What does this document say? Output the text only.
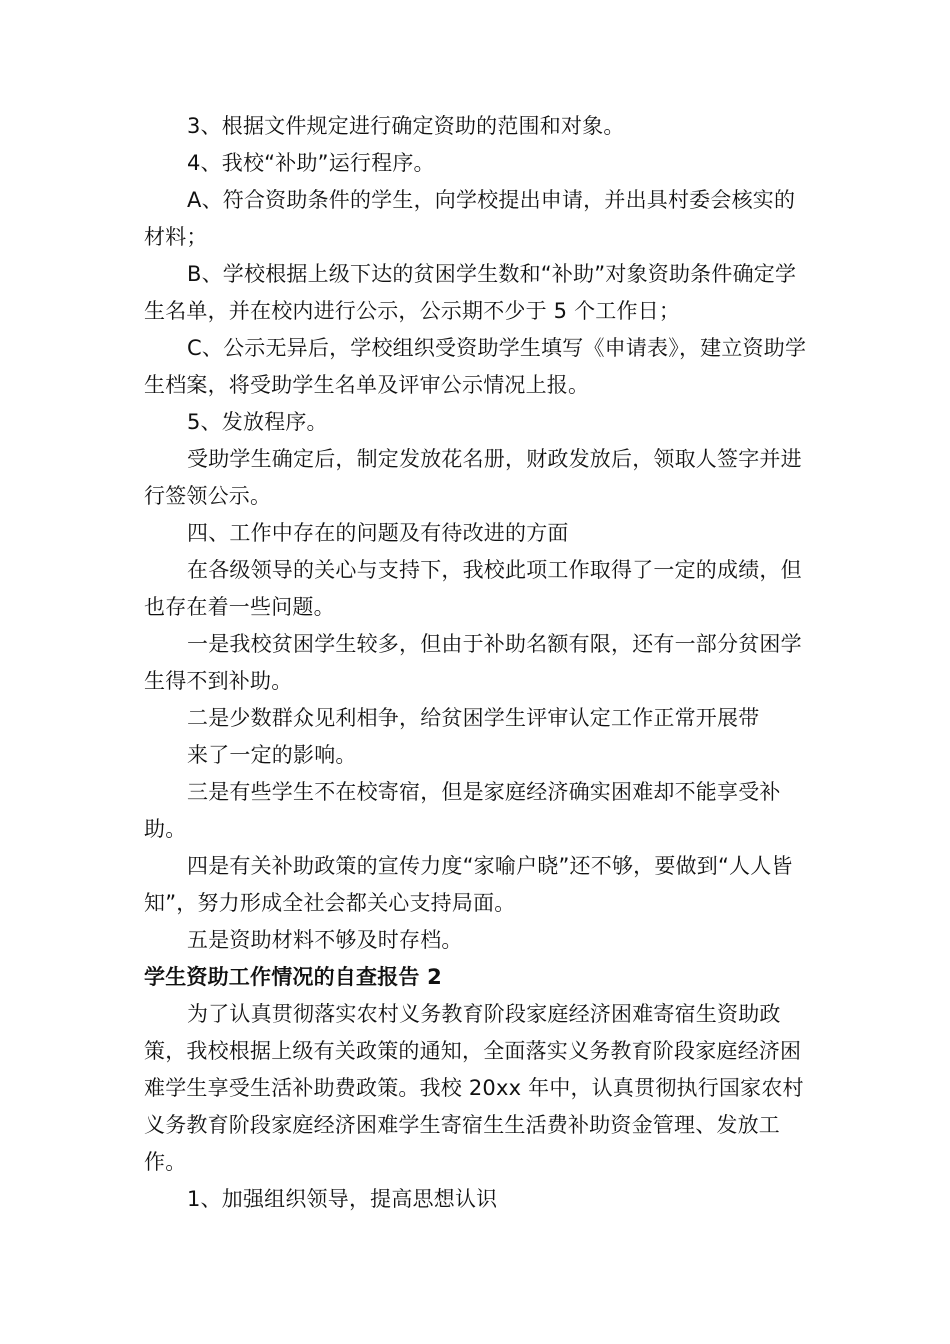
3、根据文件规定进行确定资助的范围和对象。

4、我校“补助”运行程序。

A、符合资助条件的学生，向学校提出申请，并出具村委会核实的材料；

B、学校根据上级下达的贫困学生数和“补助”对象资助条件确定学生名单，并在校内进行公示，公示期不少于 5 个工作日；

C、公示无异后，学校组织受资助学生填写《申请表》，建立资助学生档案，将受助学生名单及评审公示情况上报。

5、发放程序。

受助学生确定后，制定发放花名册，财政发放后，领取人签字并进行签领公示。

四、工作中存在的问题及有待改进的方面

在各级领导的关心与支持下，我校此项工作取得了一定的成绩，但也存在着一些问题。

一是我校贫困学生较多，但由于补助名额有限，还有一部分贫困学生得不到补助。

二是少数群众见利相争，给贫困学生评审认定工作正常开展带

来了一定的影响。

三是有些学生不在校寄宿，但是家庭经济确实困难却不能享受补助。

四是有关补助政策的宣传力度“家喻户晓”还不够，要做到“人人皆知”，努力形成全社会都关心支持局面。

五是资助材料不够及时存档。

学生资助工作情况的自查报告 2

为了认真贯彻落实农村义务教育阶段家庭经济困难寄宿生资助政策，我校根据上级有关政策的通知，全面落实义务教育阶段家庭经济困难学生享受生活补助费政策。我校 20xx 年中，认真贯彻执行国家农村义务教育阶段家庭经济困难学生寄宿生生活费补助资金管理、发放工作。

1、加强组织领导，提高思想认识
